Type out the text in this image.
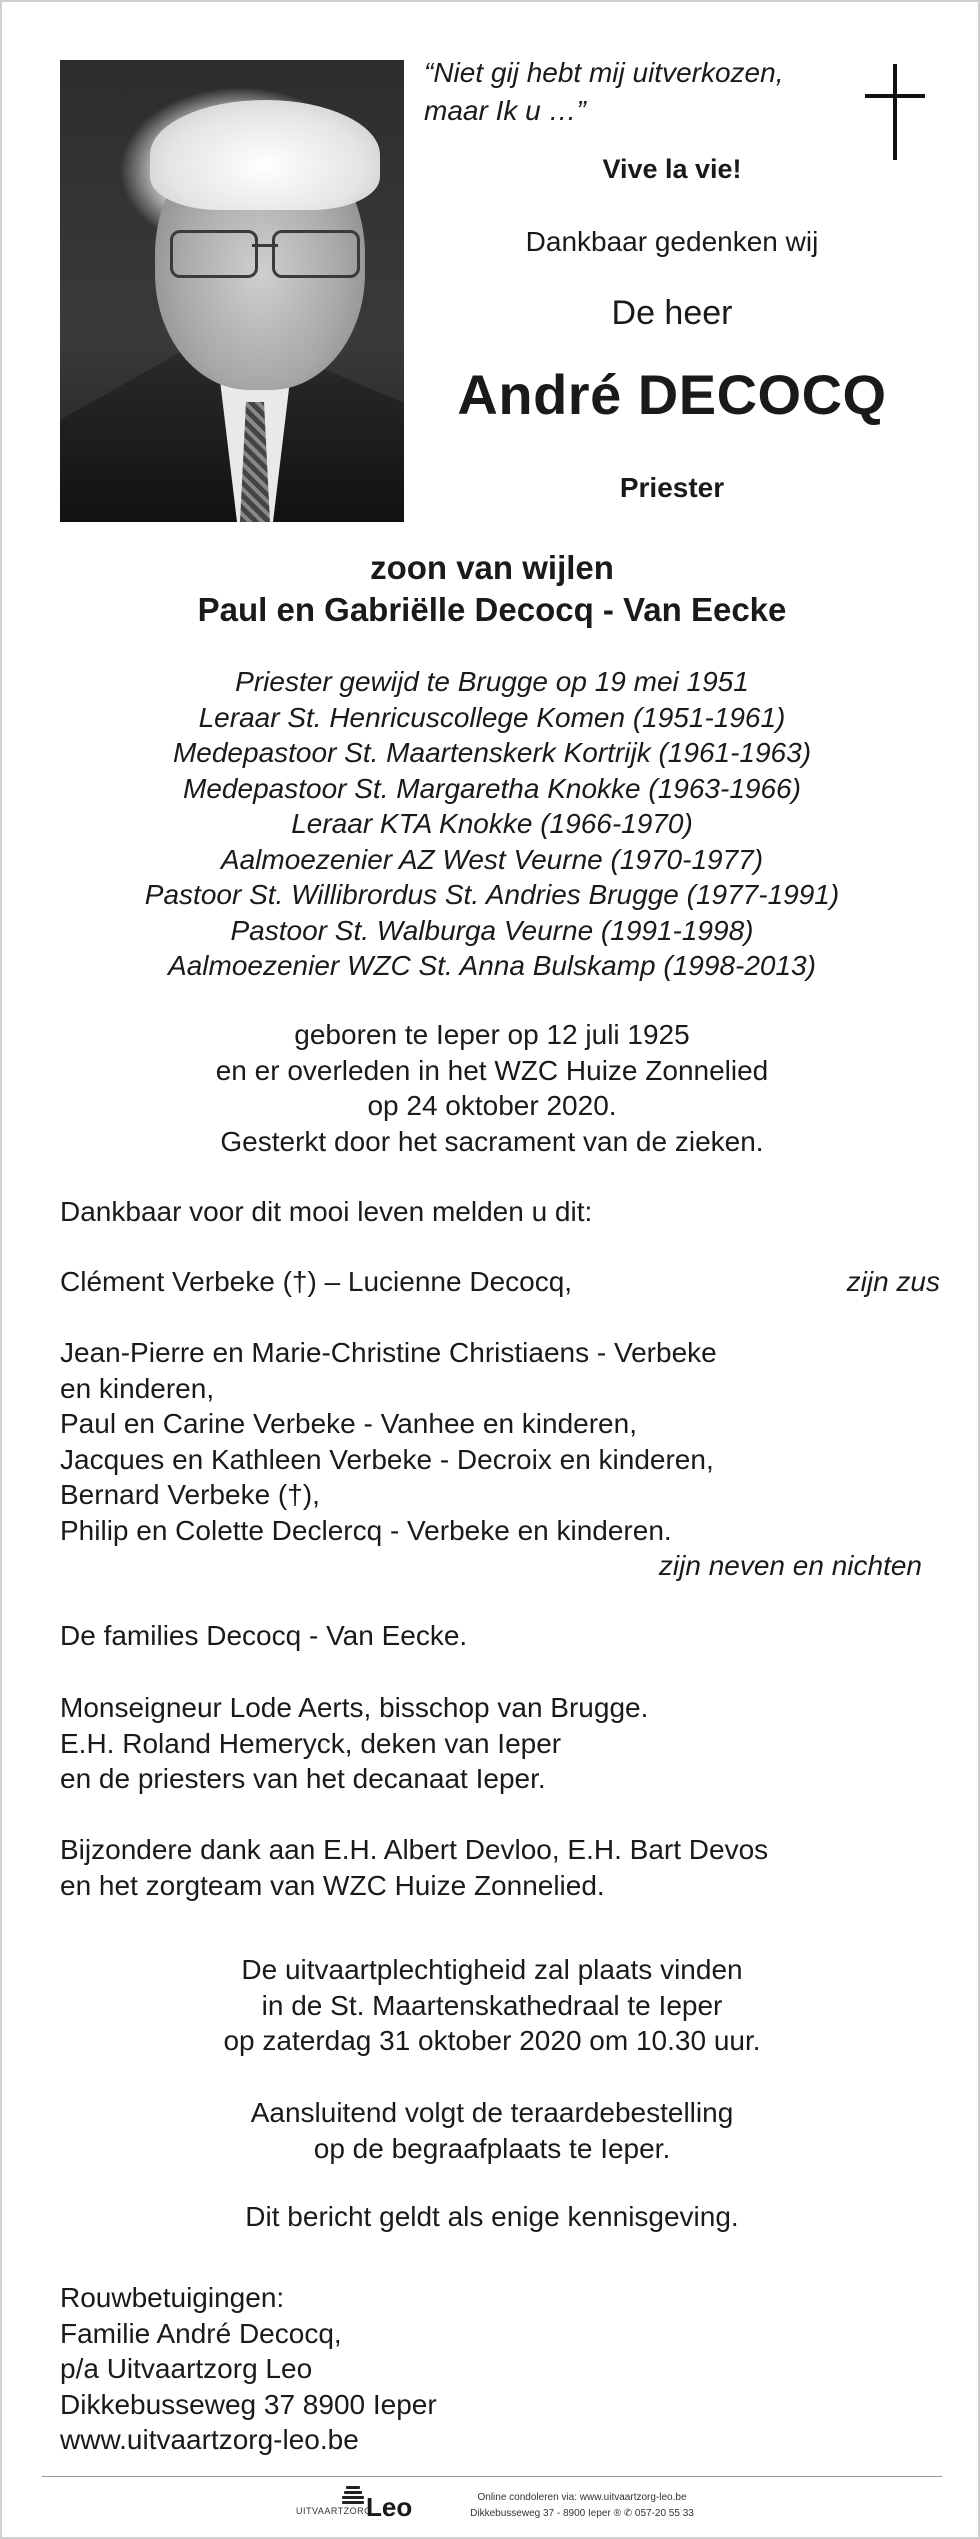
“Niet gij hebt mij uitverkozen,

maar Ik u …”

Vive la vie!
Dankbaar gedenken wij
De heer
André DECOCQ
Priester

zoon van wijlen

Paul en Gabriëlle Decocq - Van Eecke

Priester gewijd te Brugge op 19 mei 1951

Leraar St. Henricuscollege Komen (1951-1961)

Medepastoor St. Maartenskerk Kortrijk (1961-1963)

Medepastoor St. Margaretha Knokke (1963-1966)

Leraar KTA Knokke (1966-1970)

Aalmoezenier AZ West Veurne (1970-1977)

Pastoor St. Willibrordus St. Andries Brugge (1977-1991)

Pastoor St. Walburga Veurne (1991-1998)

Aalmoezenier WZC St. Anna Bulskamp (1998-2013)

geboren te Ieper op 12 juli 1925

en er overleden in het WZC Huize Zonnelied

op 24 oktober 2020.

Gesterkt door het sacrament van de zieken.

Dankbaar voor dit mooi leven melden u dit:
Clément Verbeke (†) – Lucienne Decocq,	zijn zus

Jean-Pierre en Marie-Christine Christiaens - Verbeke

en kinderen,

Paul en Carine Verbeke - Vanhee en kinderen,

Jacques en Kathleen Verbeke - Decroix en kinderen,

Bernard Verbeke (†),

Philip en Colette Declercq - Verbeke en kinderen.

zijn neven en nichten
De families Decocq - Van Eecke.

Monseigneur Lode Aerts, bisschop van Brugge.

E.H. Roland Hemeryck, deken van Ieper

en de priesters van het decanaat Ieper.

Bijzondere dank aan E.H. Albert Devloo, E.H. Bart Devos

en het zorgteam van WZC Huize Zonnelied.

De uitvaartplechtigheid zal plaats vinden

in de St. Maartenskathedraal te Ieper

op zaterdag 31 oktober 2020 om 10.30 uur.

Aansluitend volgt de teraardebestelling

op de begraafplaats te Ieper.

Dit bericht geldt als enige kennisgeving.

Rouwbetuigingen:

Familie André Decocq,

p/a Uitvaartzorg Leo

Dikkebusseweg 37 8900 Ieper

www.uitvaartzorg-leo.be

UITVAARTZORG
Leo	Online condoleren via: www.uitvaartzorg-leo.be

Dikkebusseweg 37 - 8900 Ieper ® ✆ 057-20 55 33
